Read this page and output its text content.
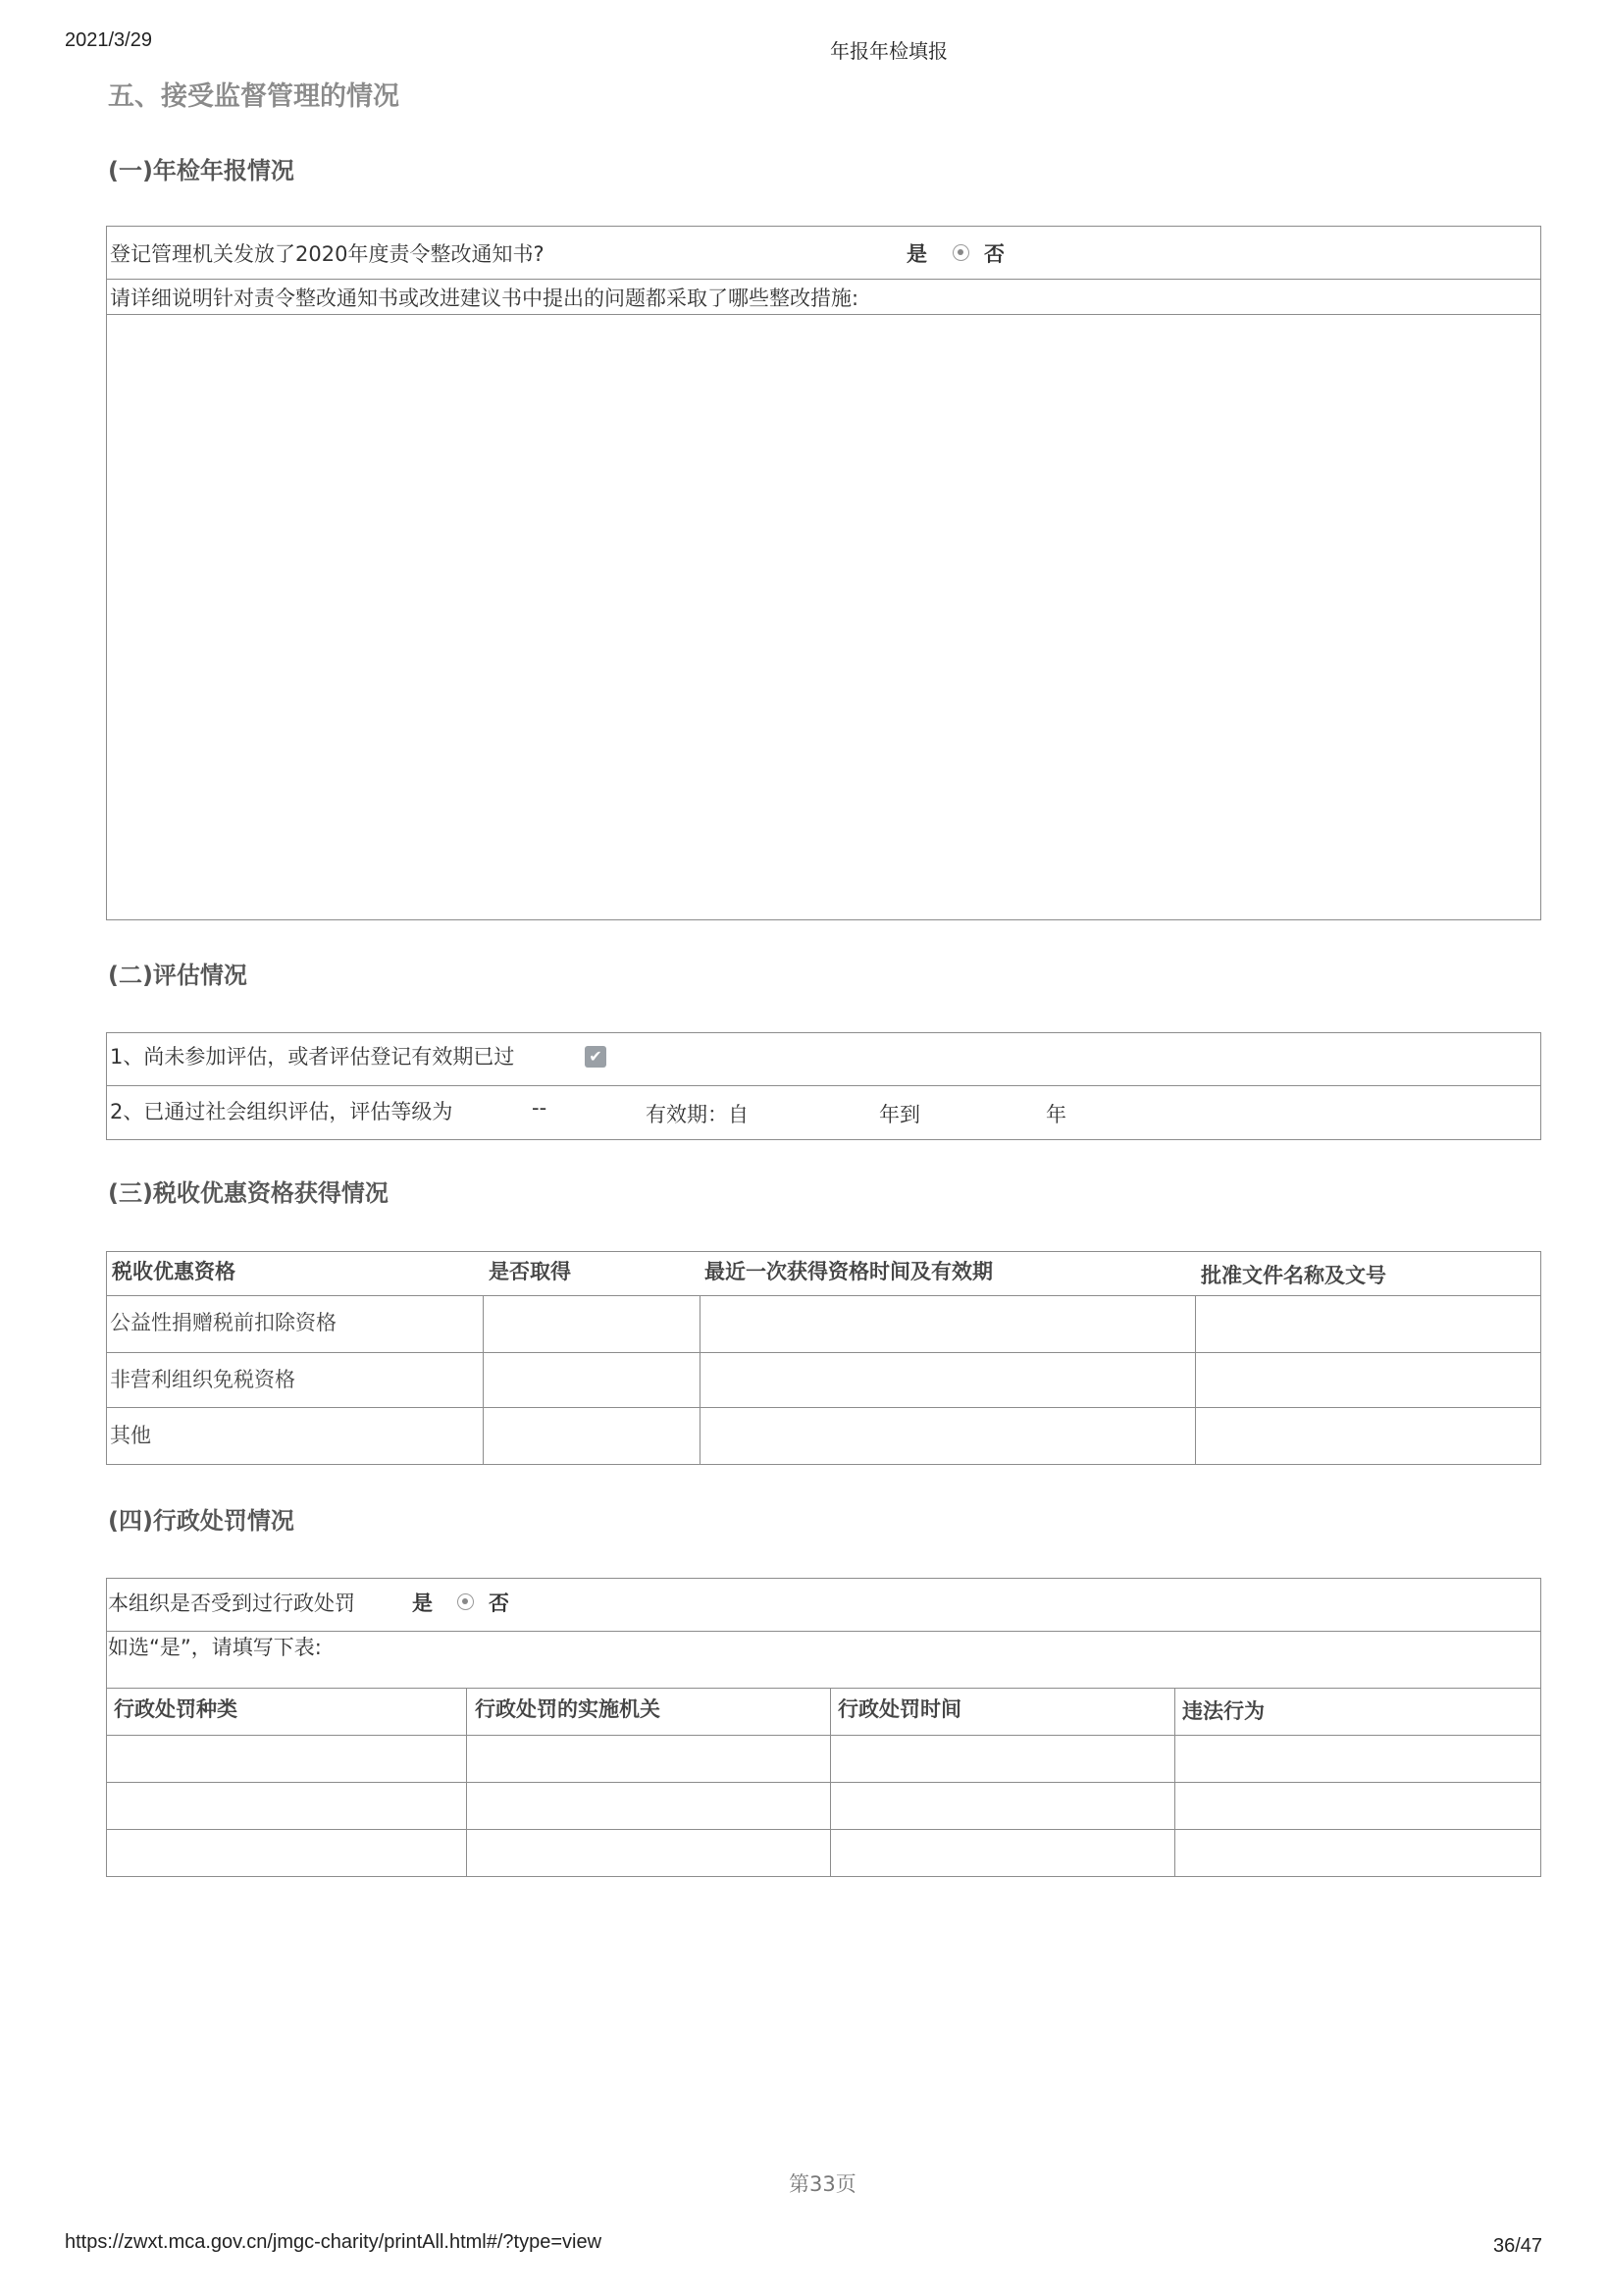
2021/3/29
年报年检填报
五、接受监督管理的情况
(一)年检年报情况
登记管理机关发放了2020年度责令整改通知书?	是	否
请详细说明针对责令整改通知书或改进建议书中提出的问题都采取了哪些整改措施:
(二)评估情况
1、尚未参加评估，或者评估登记有效期已过	✔
2、已通过社会组织评估，评估等级为	--	有效期：自	年到	年
(三)税收优惠资格获得情况
税收优惠资格	是否取得	最近一次获得资格时间及有效期	批准文件名称及文号
公益性捐赠税前扣除资格
非营利组织免税资格
其他
(四)行政处罚情况
本组织是否受到过行政处罚	是	否
如选“是”，请填写下表:
行政处罚种类	行政处罚的实施机关	行政处罚时间	违法行为
第33页
https://zwxt.mca.gov.cn/jmgc-charity/printAll.html#/?type=view	36/47
